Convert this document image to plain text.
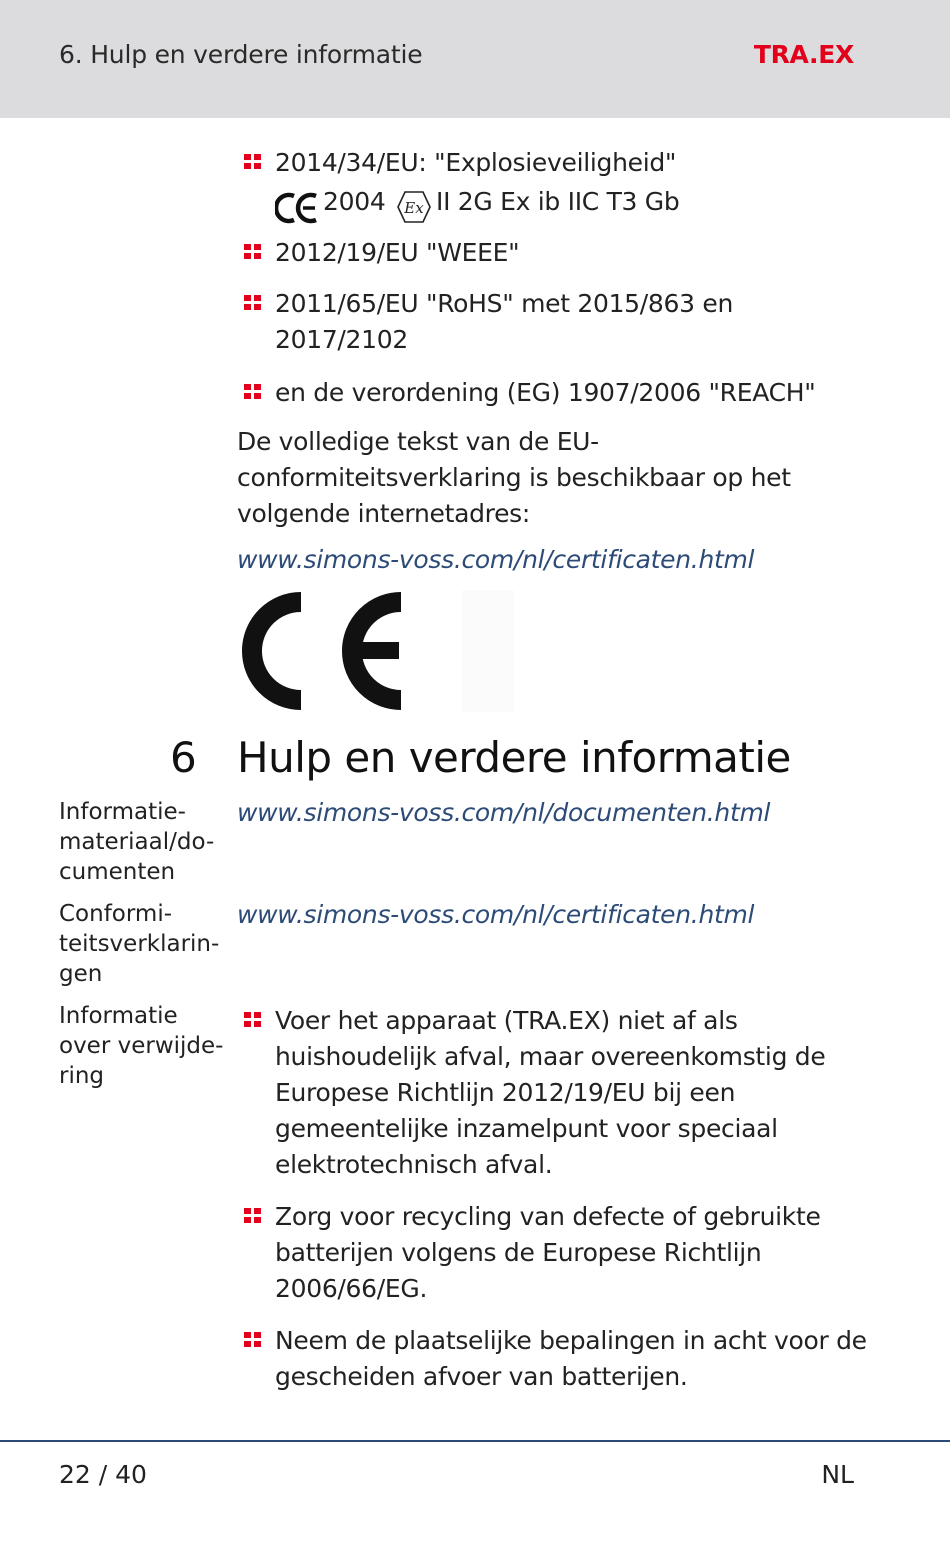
6. Hulp en verdere informatie	TRA.EX
2014/34/EU: "Explosieveiligheid"
2004 Ex II 2G Ex ib IIC T3 Gb
2012/19/EU "WEEE"
2011/65/EU "RoHS" met 2015/863 en
2017/2102
en de verordening (EG) 1907/2006 "REACH"
De volledige tekst van de EU-
conformiteitsverklaring is beschikbaar op het
volgende internetadres:
www.simons-voss.com/nl/certificaten.html
6 Hulp en verdere informatie
Informatie-
materiaal/do-
cumenten
www.simons-voss.com/nl/documenten.html
Conformi-
teitsverklarin-
gen
www.simons-voss.com/nl/certificaten.html
Informatie
over verwijde-
ring
Voer het apparaat (TRA.EX) niet af als
huishoudelijk afval, maar overeenkomstig de
Europese Richtlijn 2012/19/EU bij een
gemeentelijke inzamelpunt voor speciaal
elektrotechnisch afval.
Zorg voor recycling van defecte of gebruikte
batterijen volgens de Europese Richtlijn
2006/66/EG.
Neem de plaatselijke bepalingen in acht voor de
gescheiden afvoer van batterijen.
22 / 40	NL
